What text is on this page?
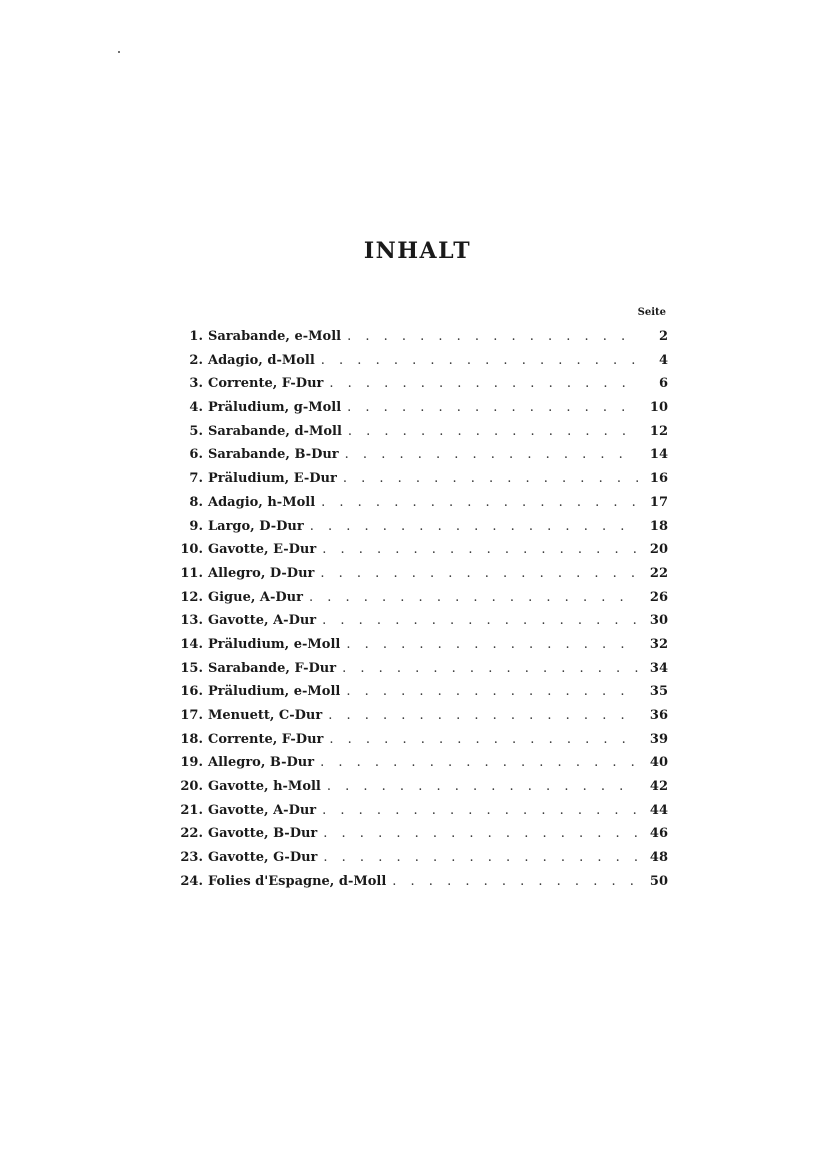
INHALT
Seite
1. Sarabande, e-Moll . . .	2
2. Adagio, d-Moll . . .	4
3. Corrente, F-Dur . . .	6
4. Präludium, g-Moll . . .	10
5. Sarabande, d-Moll . . .	12
6. Sarabande, B-Dur . . .	14
7. Präludium, E-Dur . . .	16
8. Adagio, h-Moll . . .	17
9. Largo, D-Dur . . .	18
10. Gavotte, E-Dur . . .	20
11. Allegro, D-Dur . . .	22
12. Gigue, A-Dur . . .	26
13. Gavotte, A-Dur . . .	30
14. Präludium, e-Moll . . .	32
15. Sarabande, F-Dur . . .	34
16. Präludium, e-Moll . . .	35
17. Menuett, C-Dur . . .	36
18. Corrente, F-Dur . . .	39
19. Allegro, B-Dur . . .	40
20. Gavotte, h-Moll . . .	42
21. Gavotte, A-Dur . . .	44
22. Gavotte, B-Dur . . .	46
23. Gavotte, G-Dur . . .	48
24. Folies d'Espagne, d-Moll . . .	50
